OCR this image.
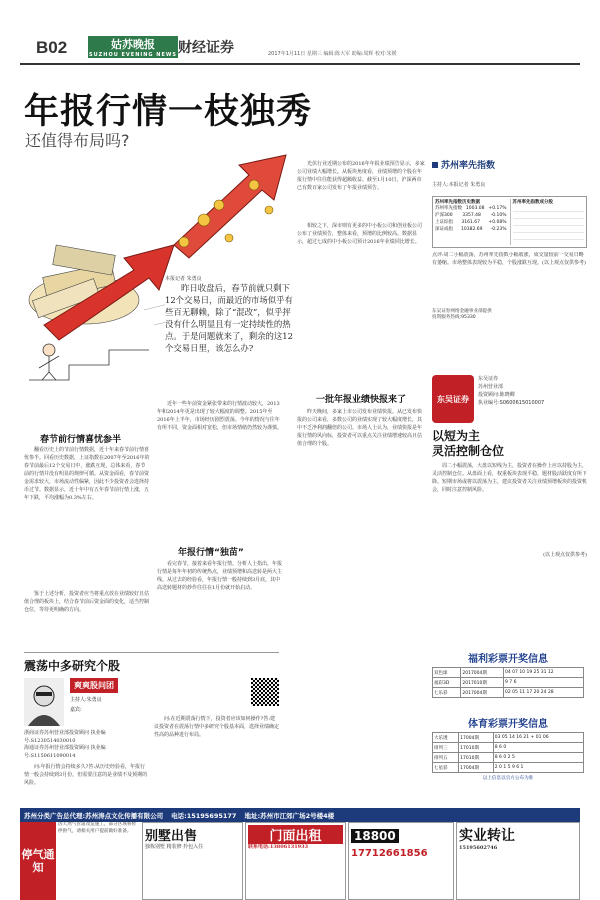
B02	姑苏晚报
SUZHOU EVENING NEWS 财经证券	2017年1月11日 星期三 编辑:陈大军 助编:周辉 校对:朱媛
年报行情一枝独秀
还值得布局吗?
本报记者 朱勇良
昨日收盘后，春节前就只剩下12个交易日，而最近的市场似乎有些百无聊赖，除了“混改”，似乎抨没有什么明显且有一定持续性的热点。于是问题就来了，剩余的这12个交易日里，该怎么办?
春节前行情喜忧参半
翻看历史上的节前行情数据，近十年来春节前行情喜忧参半。回看历史数据，上证指数在2007年至2016年的春节前最后12个交易日中，涨跌互现，总体来看，春节前的行情并没有明显的规律可循。从资金面看，春节前资金需求较大，市场流动性偏紧，因此不少投资者会选择持币过节。数据显示，近十年中有五年春节前行情上涨，五年下跌，平均涨幅为0.3%左右。
近年一些年前资金紧张带来的行情波动较大，2013年和2014年更是出现了较大幅度的调整。2015年至2016年上半年，市场经历剧烈震荡。今年的情况与往年有所不同，资金面相对宽松，但市场情绪仍然较为谨慎。
年报行情“独苗”
看完春节，接着来看年报行情。分析人士指出，年报行情是每年年初的传统热点，业绩预增和高送转是两大主线。从过去的经验看，年报行情一般持续到3月底，其中高送转题材的炒作往往在1月份就开始启动。
鉴于上述分析，投资者应当将重点放在业绩较好且估值合理的板块上，结合春节前后资金面的变化，适当控制仓位，等待更明确的方向。
光伏行业近期公布的2016年年报业绩预告显示，多家公司业绩大幅增长。从板块角度看，业绩预增的个股在年报行情中往往能获得超额收益。截至1月10日，沪深两市已有数百家公司发布了年报业绩预告。
相较之下，深市则有更多的中小板公司和创业板公司公布了业绩预告，整体来看，预增的比例较高。数据显示，超过七成的中小板公司预计2016年业绩同比增长。
一批年报业绩快报来了
昨天晚间，多家上市公司发布业绩快报。从已发布快报的公司来看，多数公司的业绩实现了较大幅度增长，其中不乏净利润翻倍的公司。市场人士认为，业绩快报是年报行情的风向标，投资者可以重点关注业绩增速较高且估值合理的个股。
苏州率先指数
主持人:本报记者 朱勇良
苏州率先指数历史数据
苏州率先指数 1003.08 +0.17%
沪深300 3357.48 -0.10%
上证综指 3161.67 +0.08%
深证成指 10382.69 -0.23%
苏州率先指数成分股
点评:周二小幅震荡，苏州率先指数小幅收涨，成交量较前一交易日略有萎缩。市场整体表现较为平稳，个股涨跌互现。(以上观点仅供参考)
东吴证券网络金融事业部提供
投资服务热线:95330
东吴证券
东吴证券
苏州营业部
投资顾问:陈晓卿
执业编号:S0600615010007
以短为主
灵活控制仓位
周二小幅震荡，大盘以短线为主，投资者在操作上应以持股为主，灵活控制仓位。从盘面上看，权重板块表现平稳，题材股活跃度有所下降。短期市场或将以震荡为主，建议投资者关注业绩预增板块的投资机会，同时注意控制风险。
(以上观点仅供参考)
震荡中多研究个股
爽爽股问团
主持人:朱勇良
嘉宾:
浙商证券苏州营业部投资顾问 执业编号:S1230514030010
海通证券苏州营业部投资顾问 执业编号:S1150611090014
问:在近期震荡行情下，投资者应该如何操作?答:建议投资者在震荡行情中多研究个股基本面，选择业绩确定性高的品种进行布局。
问:年报行情会持续多久?答:从历史经验看，年报行情一般会持续到3月份，但需要注意的是业绩不及预期的风险。
福利彩票开奖信息
双色球	2017004期	04 07 10 19 25 31 12
福彩3D	2017010期	9 7 6
七乐彩	2017004期	02 05 11 17 20 24 28
体育彩票开奖信息
大乐透	17004期	03 05 14 16 21 + 01 06
排列三	17010期	8 6 0
排列五	17010期	8 6 0 2 5
七星彩	17004期	2 0 1 5 9 6 1
以上信息以官方公布为准
苏州分类广告总代理:苏州涛点文化传播有限公司 电话:15195695177 地址:苏州市江郊广场2号楼4楼
停气通知
因天然气管道改造施工，部分区域将暂停供气，请相关用户提前做好准备。	别墅出售
独栋别墅 精装修 拎包入住
门面出租
联系电话:13806131933
18800
17712661856
实业转让
15195602746
